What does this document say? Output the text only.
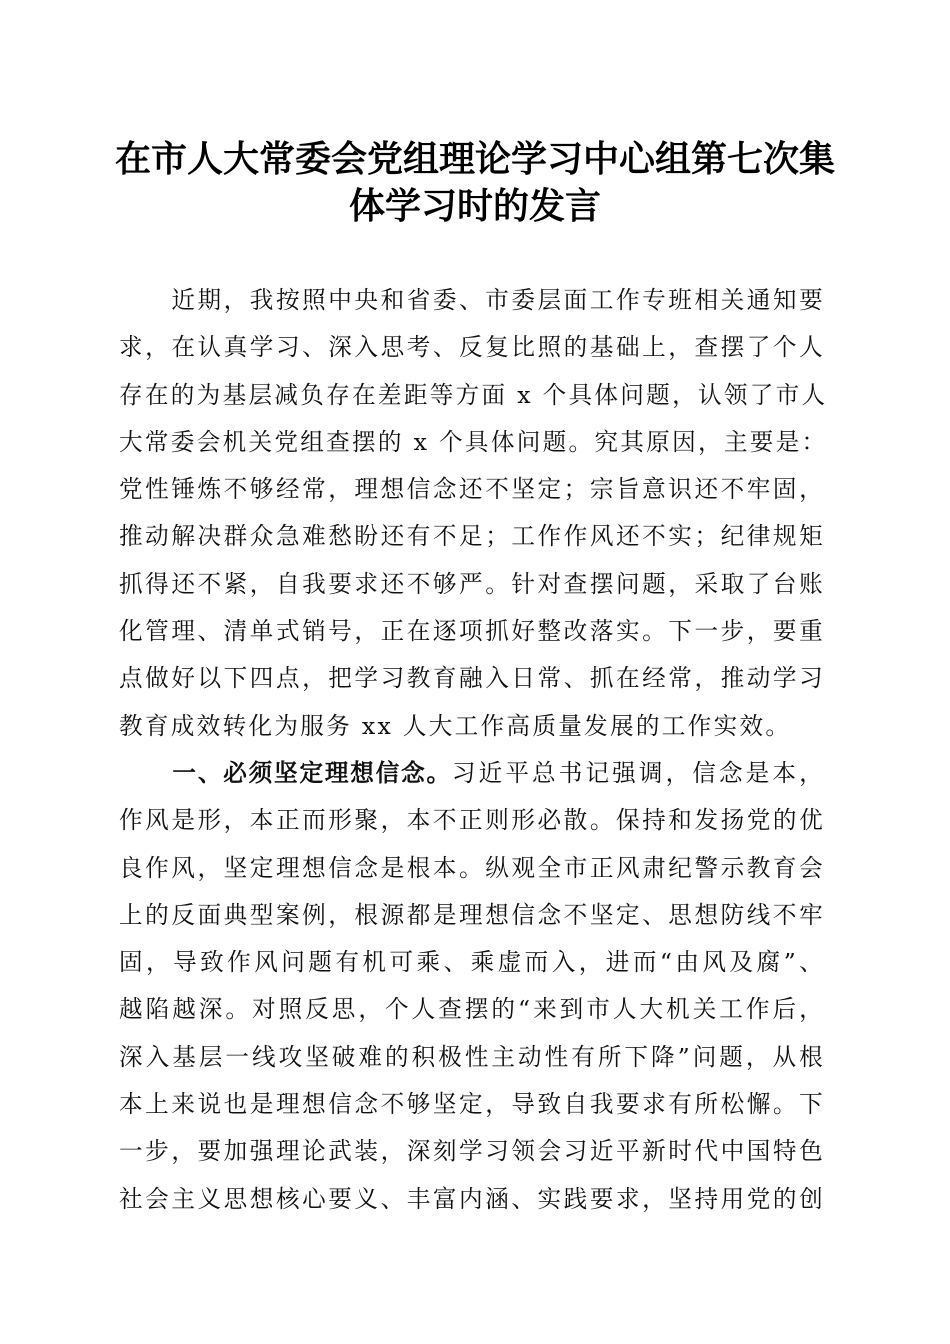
在市人大常委会党组理论学习中心组第七次集
体学习时的发言

　　近期，我按照中央和省委、市委层面工作专班相关通知要
求，在认真学习、深入思考、反复比照的基础上，查摆了个人
存在的为基层减负存在差距等方面 x 个具体问题，认领了市人
大常委会机关党组查摆的 x 个具体问题。究其原因，主要是：
党性锤炼不够经常，理想信念还不坚定；宗旨意识还不牢固，
推动解决群众急难愁盼还有不足；工作作风还不实；纪律规矩
抓得还不紧，自我要求还不够严。针对查摆问题，采取了台账
化管理、清单式销号，正在逐项抓好整改落实。下一步，要重
点做好以下四点，把学习教育融入日常、抓在经常，推动学习
教育成效转化为服务 xx 人大工作高质量发展的工作实效。

　　一、必须坚定理想信念。习近平总书记强调，信念是本，
作风是形，本正而形聚，本不正则形必散。保持和发扬党的优
良作风，坚定理想信念是根本。纵观全市正风肃纪警示教育会
上的反面典型案例，根源都是理想信念不坚定、思想防线不牢
固，导致作风问题有机可乘、乘虚而入，进而“由风及腐”、
越陷越深。对照反思，个人查摆的“来到市人大机关工作后，
深入基层一线攻坚破难的积极性主动性有所下降”问题，从根
本上来说也是理想信念不够坚定，导致自我要求有所松懈。下
一步，要加强理论武装，深刻学习领会习近平新时代中国特色
社会主义思想核心要义、丰富内涵、实践要求，坚持用党的创
